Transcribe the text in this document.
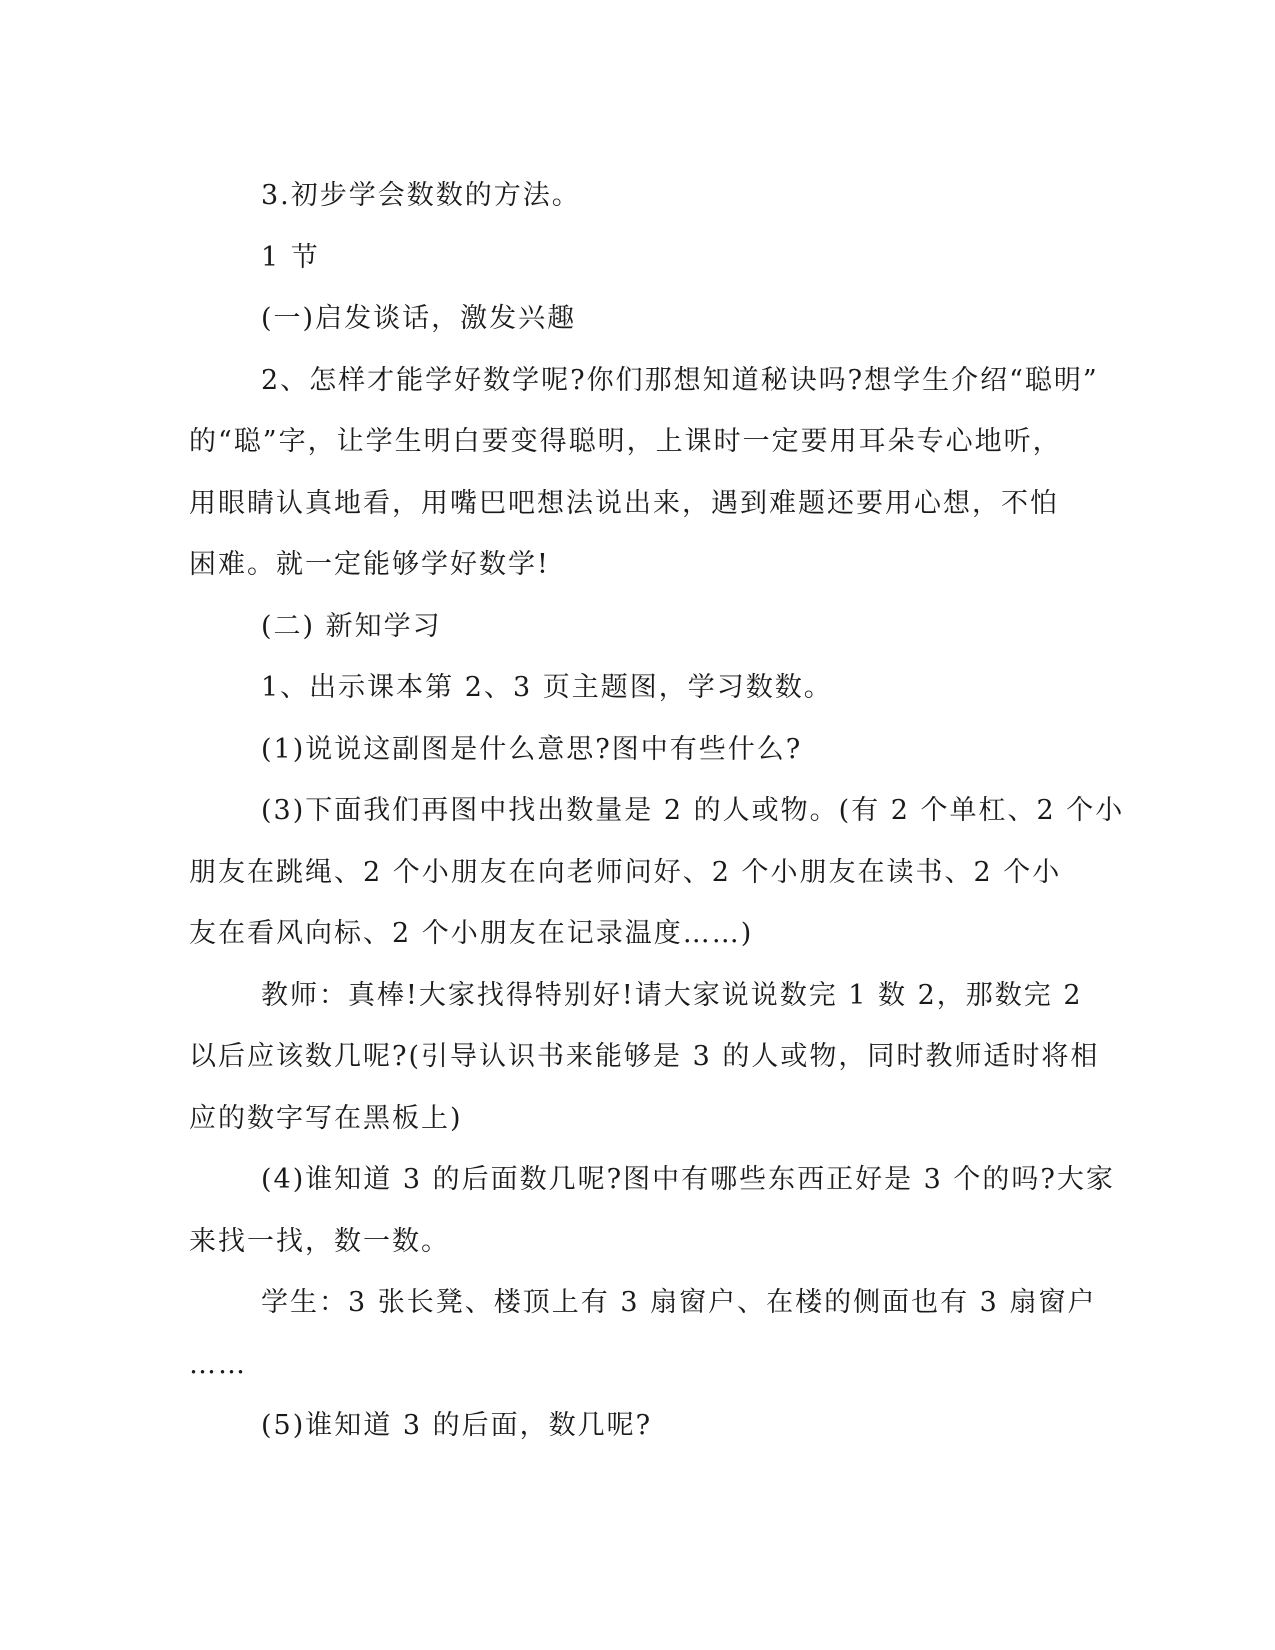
3.初步学会数数的方法。
1 节
(一)启发谈话，激发兴趣
2、怎样才能学好数学呢?你们那想知道秘诀吗?想学生介绍“聪明”
的“聪”字，让学生明白要变得聪明，上课时一定要用耳朵专心地听，
用眼睛认真地看，用嘴巴吧想法说出来，遇到难题还要用心想，不怕
困难。就一定能够学好数学!
(二) 新知学习
1、出示课本第 2、3 页主题图，学习数数。
(1)说说这副图是什么意思?图中有些什么?
(3)下面我们再图中找出数量是 2 的人或物。(有 2 个单杠、2 个小
朋友在跳绳、2 个小朋友在向老师问好、2 个小朋友在读书、2 个小
友在看风向标、2 个小朋友在记录温度……)
教师：真棒!大家找得特别好!请大家说说数完 1 数 2，那数完 2
以后应该数几呢?(引导认识书来能够是 3 的人或物，同时教师适时将相
应的数字写在黑板上)
(4)谁知道 3 的后面数几呢?图中有哪些东西正好是 3 个的吗?大家
来找一找，数一数。
学生：3 张长凳、楼顶上有 3 扇窗户、在楼的侧面也有 3 扇窗户
……
(5)谁知道 3 的后面，数几呢?
